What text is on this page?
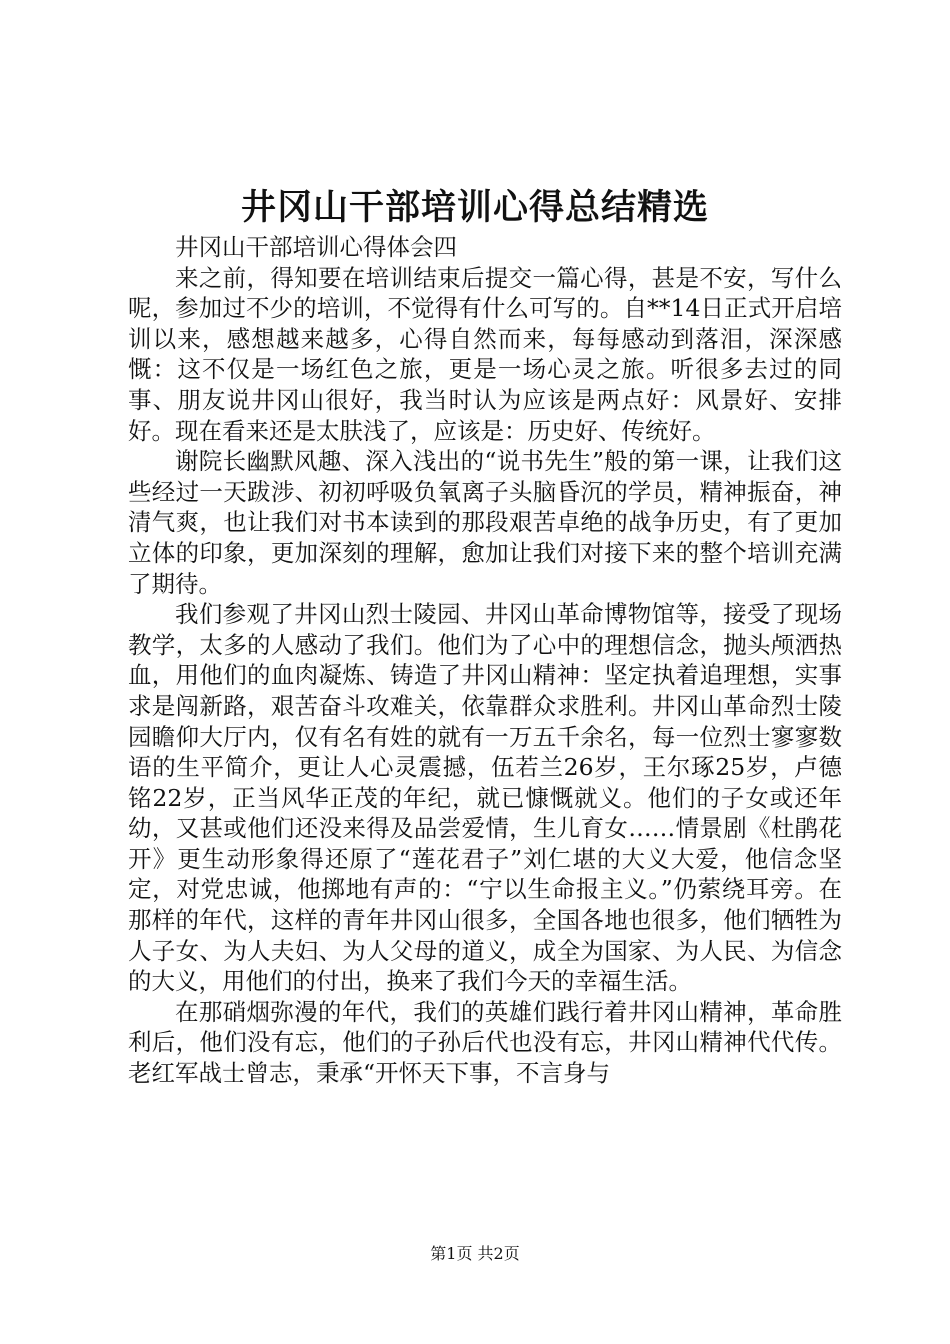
井冈山干部培训心得总结精选

井冈山干部培训心得体会四

来之前，得知要在培训结束后提交一篇心得，甚是不安，写什么呢，参加过不少的培训，不觉得有什么可写的。自**14日正式开启培训以来，感想越来越多，心得自然而来，每每感动到落泪，深深感慨：这不仅是一场红色之旅，更是一场心灵之旅。听很多去过的同事、朋友说井冈山很好，我当时认为应该是两点好：风景好、安排好。现在看来还是太肤浅了，应该是：历史好、传统好。

谢院长幽默风趣、深入浅出的“说书先生”般的第一课，让我们这些经过一天跋涉、初初呼吸负氧离子头脑昏沉的学员，精神振奋，神清气爽，也让我们对书本读到的那段艰苦卓绝的战争历史，有了更加立体的印象，更加深刻的理解，愈加让我们对接下来的整个培训充满了期待。

我们参观了井冈山烈士陵园、井冈山革命博物馆等，接受了现场教学，太多的人感动了我们。他们为了心中的理想信念，抛头颅洒热血，用他们的血肉凝炼、铸造了井冈山精神：坚定执着追理想，实事求是闯新路，艰苦奋斗攻难关，依靠群众求胜利。井冈山革命烈士陵园瞻仰大厅内，仅有名有姓的就有一万五千余名，每一位烈士寥寥数语的生平简介，更让人心灵震撼，伍若兰26岁，王尔琢25岁，卢德铭22岁，正当风华正茂的年纪，就已慷慨就义。他们的子女或还年幼，又甚或他们还没来得及品尝爱情，生儿育女……情景剧《杜鹃花开》更生动形象得还原了“莲花君子”刘仁堪的大义大爱，他信念坚定，对党忠诚，他掷地有声的：“宁以生命报主义。”仍萦绕耳旁。在那样的年代，这样的青年井冈山很多，全国各地也很多，他们牺牲为人子女、为人夫妇、为人父母的道义，成全为国家、为人民、为信念的大义，用他们的付出，换来了我们今天的幸福生活。

在那硝烟弥漫的年代，我们的英雄们践行着井冈山精神，革命胜利后，他们没有忘，他们的子孙后代也没有忘，井冈山精神代代传。老红军战士曾志，秉承“开怀天下事，不言身与

第1页 共2页
